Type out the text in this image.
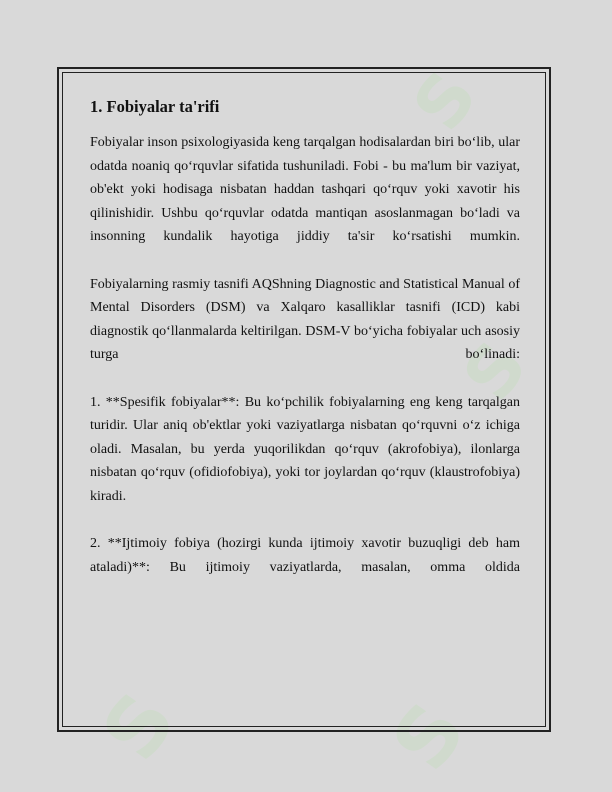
S
S
S S
1. Fobiyalar ta'rifi
Fobiyalar inson psixologiyasida keng tarqalgan hodisalardan biri bo‘lib, ular odatda noaniq qo‘rquvlar sifatida tushuniladi. Fobi - bu ma'lum bir vaziyat, ob'ekt yoki hodisaga nisbatan haddan tashqari qo‘rquv yoki xavotir his qilinishidir. Ushbu qo‘rquvlar odatda mantiqan asoslanmagan bo‘ladi va insonning kundalik hayotiga jiddiy ta'sir ko‘rsatishi mumkin.
Fobiyalarning rasmiy tasnifi AQShning Diagnostic and Statistical Manual of Mental Disorders (DSM) va Xalqaro kasalliklar tasnifi (ICD) kabi diagnostik qo‘llanmalarda keltirilgan. DSM-V bo‘yicha fobiyalar uch asosiy turga bo‘linadi:
1. **Spesifik fobiyalar**: Bu ko‘pchilik fobiyalarning eng keng tarqalgan turidir. Ular aniq ob'ektlar yoki vaziyatlarga nisbatan qo‘rquvni o‘z ichiga oladi. Masalan, bu yerda yuqorilikdan qo‘rquv (akrofobiya), ilonlarga nisbatan qo‘rquv (ofidiofobiya), yoki tor joylardan qo‘rquv (klaustrofobiya) kiradi.
2. **Ijtimoiy fobiya (hozirgi kunda ijtimoiy xavotir buzuqligi deb ham ataladi)**: Bu ijtimoiy vaziyatlarda, masalan, omma oldida
